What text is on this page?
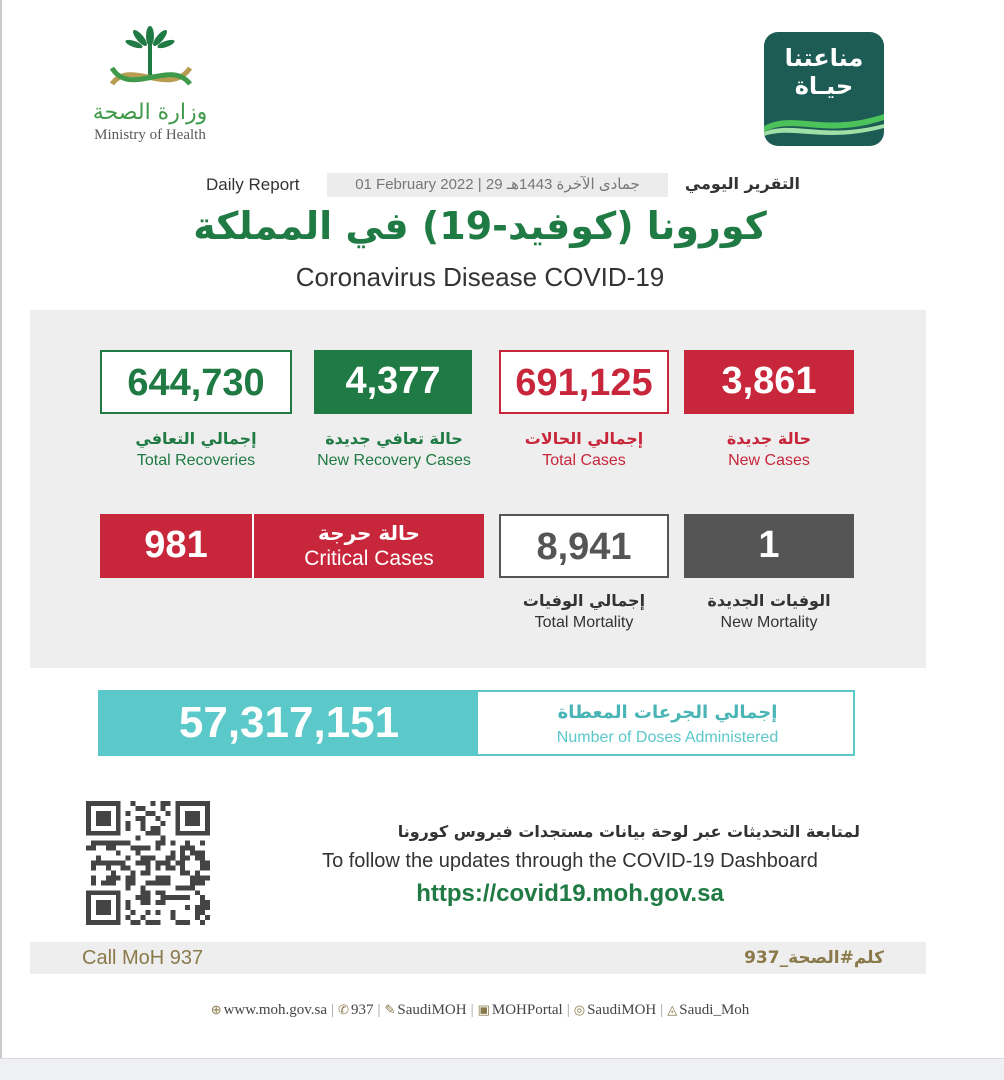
وزارة الصحة
Ministry of Health
مناعتنا
حيـاة
Daily Report	01 February 2022 | 29 جمادى الآخرة 1443هـ	التقرير اليومي
كورونا (كوفيد-19) في المملكة
Coronavirus Disease COVID-19
644,730
إجمالي التعافي
Total Recoveries
4,377
حالة تعافي جديدة
New Recovery Cases
691,125
إجمالي الحالات
Total Cases
3,861
حالة جديدة
New Cases
981	حالة حرجة
Critical Cases	8,941
إجمالي الوفيات
Total Mortality
1
الوفيات الجديدة
New Mortality
57,317,151	إجمالي الجرعات المعطاة
Number of Doses Administered
لمتابعة التحديثات عبر لوحة بيانات مستجدات فيروس كورونا
To follow the updates through the COVID-19 Dashboard
https://covid19.moh.gov.sa
Call MoH 937	كلم#الصحة_937
⊕ www.moh.gov.sa | ✆ 937 | ✎ SaudiMOH | ▣ MOHPortal | ◎ SaudiMOH | ◬ Saudi_Moh
